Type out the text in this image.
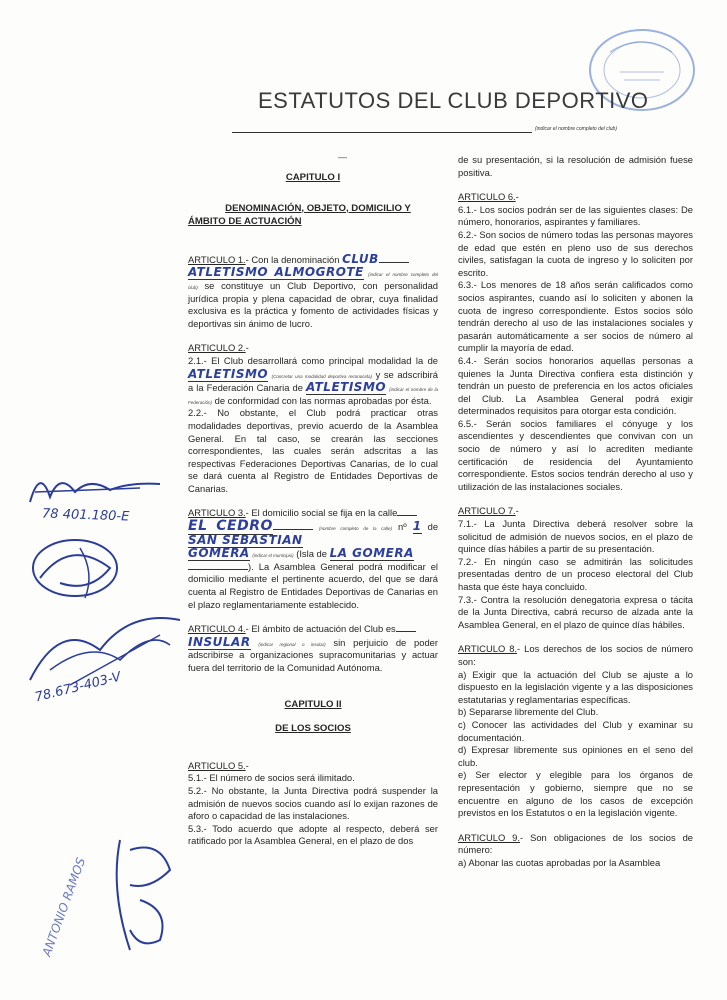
ESTATUTOS DEL CLUB DEPORTIVO
(indicar el nombre completo del club)
—
CAPITULO I
DENOMINACIÓN, OBJETO, DOMICILIO Y
ÁMBITO DE ACTUACIÓN

ARTICULO 1.- Con la denominación CLUB
ATLETISMO ALMOGROTE (indicar el nombre completo del club) se constituye un Club Deportivo, con personalidad jurídica propia y plena capacidad de obrar, cuya finalidad exclusiva es la práctica y fomento de actividades físicas y deportivas sin ánimo de lucro.

ARTICULO 2.-

2.1.- El Club desarrollará como principal modalidad la de ATLETISMO (Concretar una modalidad deportiva reconocida) y se adscribirá a la Federación Canaria de ATLETISMO (indicar el nombre de la Federación) de conformidad con las normas aprobadas por ésta.

2.2.- No obstante, el Club podrá practicar otras modalidades deportivas, previo acuerdo de la Asamblea General. En tal caso, se crearán las secciones correspondientes, las cuales serán adscritas a las respectivas Federaciones Deportivas Canarias, de lo cual se dará cuenta al Registro de Entidades Deportivas de Canarias.

ARTICULO 3.- El domicilio social se fija en la calle
EL CEDRO	(nombre completo de la calle) nº 1 de SAN SEBASTIAN
GOMERA (indicar el municipio) (Isla de LA GOMERA
). La Asamblea General podrá modificar el domicilio mediante el pertinente acuerdo, del que se dará cuenta al Registro de Entidades Deportivas de Canarias en el plazo reglamentariamente establecido.

ARTICULO 4.- El ámbito de actuación del Club es
INSULAR (indicar regional o insular) sin perjuicio de poder adscribirse a organizaciones supracomunitarias y actuar fuera del territorio de la Comunidad Autónoma.

CAPITULO II
DE LOS SOCIOS

ARTICULO 5.-

5.1.- El número de socios será ilimitado.

5.2.- No obstante, la Junta Directiva podrá suspender la admisión de nuevos socios cuando así lo exijan razones de aforo o capacidad de las instalaciones.

5.3.- Todo acuerdo que adopte al respecto, deberá ser ratificado por la Asamblea General, en el plazo de dos

de su presentación, si la resolución de admisión fuese positiva.

ARTICULO 6.-

6.1.- Los socios podrán ser de las siguientes clases: De número, honorarios, aspirantes y familiares.

6.2.- Son socios de número todas las personas mayores de edad que estén en pleno uso de sus derechos civiles, satisfagan la cuota de ingreso y lo soliciten por escrito.

6.3.- Los menores de 18 años serán calificados como socios aspirantes, cuando así lo soliciten y abonen la cuota de ingreso correspondiente. Estos socios sólo tendrán derecho al uso de las instalaciones sociales y pasarán automáticamente a ser socios de número al cumplir la mayoría de edad.

6.4.- Serán socios honorarios aquellas personas a quienes la Junta Directiva confiera esta distinción y tendrán un puesto de preferencia en los actos oficiales del Club. La Asamblea General podrá exigir determinados requisitos para otorgar esta condición.

6.5.- Serán socios familiares el cónyuge y los ascendientes y descendientes que convivan con un socio de número y así lo acrediten mediante certificación de residencia del Ayuntamiento correspondiente. Estos socios tendrán derecho al uso y utilización de las instalaciones sociales.

ARTICULO 7.-

7.1.- La Junta Directiva deberá resolver sobre la solicitud de admisión de nuevos socios, en el plazo de quince días hábiles a partir de su presentación.

7.2.- En ningún caso se admitirán las solicitudes presentadas dentro de un proceso electoral del Club hasta que éste haya concluido.

7.3.- Contra la resolución denegatoria expresa o tácita de la Junta Directiva, cabrá recurso de alzada ante la Asamblea General, en el plazo de quince días hábiles.

ARTICULO 8.- Los derechos de los socios de número son:

a) Exigir que la actuación del Club se ajuste a lo dispuesto en la legislación vigente y a las disposiciones estatutarias y reglamentarias específicas.

b) Separarse libremente del Club.

c) Conocer las actividades del Club y examinar su documentación.

d) Expresar libremente sus opiniones en el seno del club.

e) Ser elector y elegible para los órganos de representación y gobierno, siempre que no se encuentre en alguno de los casos de excepción previstos en los Estatutos o en la legislación vigente.

ARTICULO 9.- Son obligaciones de los socios de número:

a) Abonar las cuotas aprobadas por la Asamblea

78 401.180-E
78.673-403-V
ANTONIO RAMOS
